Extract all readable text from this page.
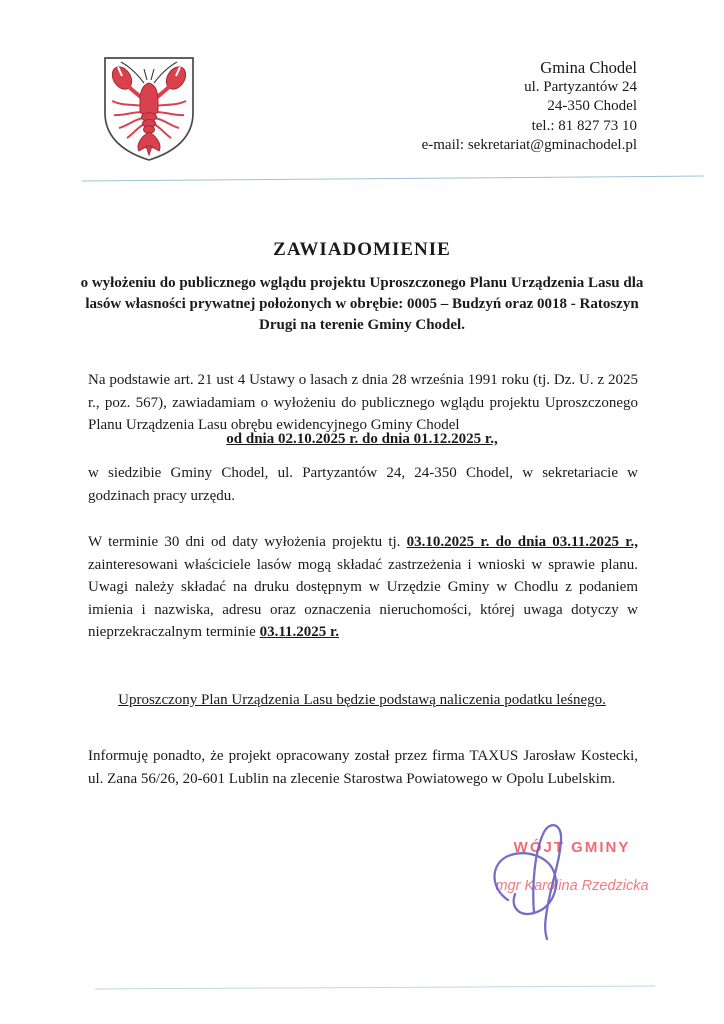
Gmina Chodel
ul. Partyzantów 24
24-350 Chodel
tel.: 81 827 73 10
e-mail: sekretariat@gminachodel.pl
ZAWIADOMIENIE
o wyłożeniu do publicznego wglądu projektu Uproszczonego Planu Urządzenia Lasu dla lasów własności prywatnej położonych w obrębie: 0005 – Budzyń oraz 0018 - Ratoszyn Drugi na terenie Gminy Chodel.
Na podstawie art. 21 ust 4 Ustawy o lasach z dnia 28 września 1991 roku (tj. Dz. U. z 2025 r., poz. 567), zawiadamiam o wyłożeniu do publicznego wglądu projektu Uproszczonego Planu Urządzenia Lasu obrębu ewidencyjnego Gminy Chodel
od dnia 02.10.2025 r. do dnia 01.12.2025 r.,
w siedzibie Gminy Chodel, ul. Partyzantów 24, 24-350 Chodel, w sekretariacie w godzinach pracy urzędu.
W terminie 30 dni od daty wyłożenia projektu tj. 03.10.2025 r. do dnia 03.11.2025 r., zainteresowani właściciele lasów mogą składać zastrzeżenia i wnioski w sprawie planu. Uwagi należy składać na druku dostępnym w Urzędzie Gminy w Chodlu z podaniem imienia i nazwiska, adresu oraz oznaczenia nieruchomości, której uwaga dotyczy w nieprzekraczalnym terminie 03.11.2025 r.
Uproszczony Plan Urządzenia Lasu będzie podstawą naliczenia podatku leśnego.
Informuję ponadto, że projekt opracowany został przez firma TAXUS Jarosław Kostecki, ul. Zana 56/26, 20-601 Lublin na zlecenie Starostwa Powiatowego w Opolu Lubelskim.
WÓJT GMINY
mgr Karolina Rzedzicka
